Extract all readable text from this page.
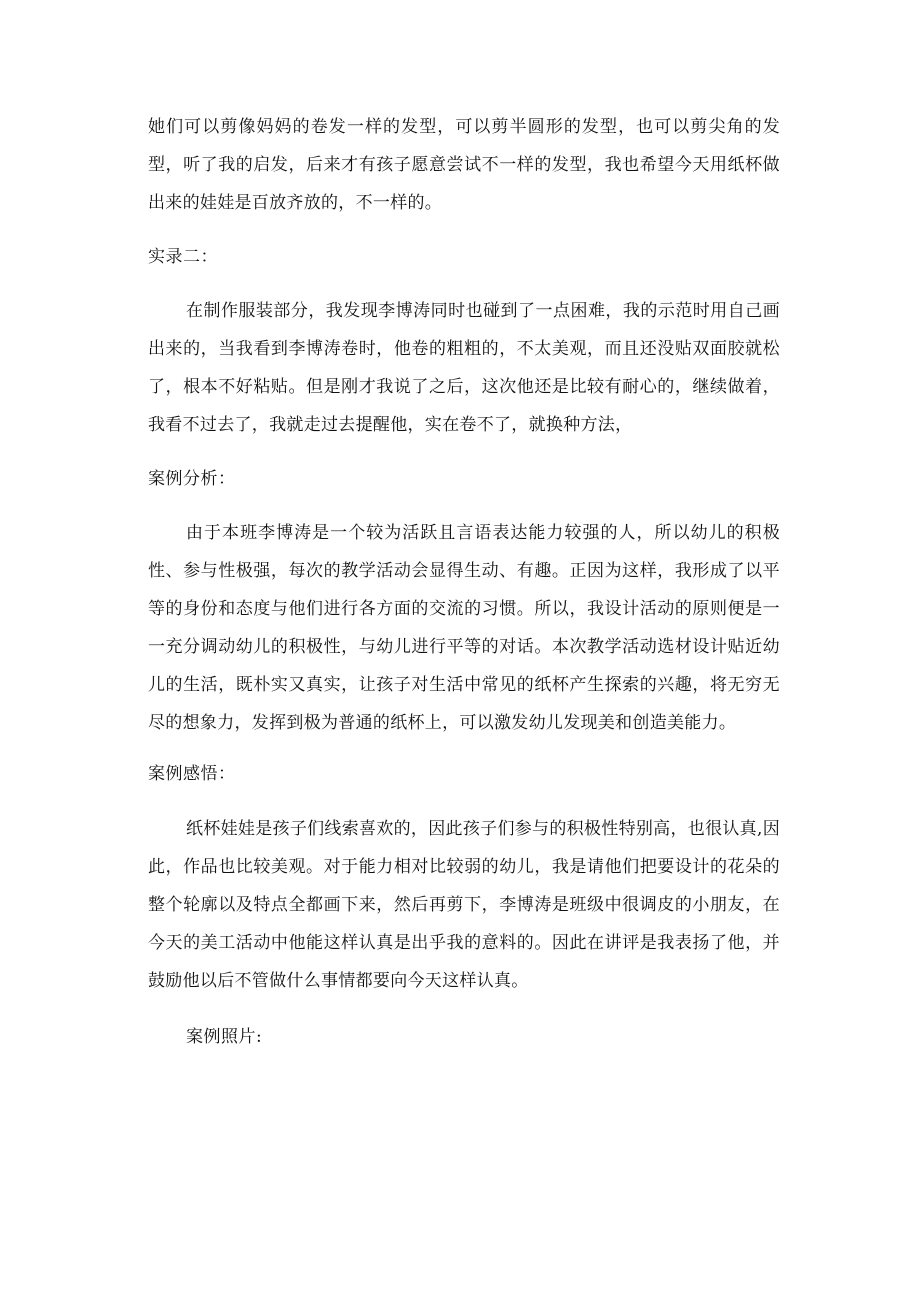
她们可以剪像妈妈的卷发一样的发型，可以剪半圆形的发型，也可以剪尖角的发型，听了我的启发，后来才有孩子愿意尝试不一样的发型，我也希望今天用纸杯做出来的娃娃是百放齐放的，不一样的。

实录二：

在制作服装部分，我发现李博涛同时也碰到了一点困难，我的示范时用自己画出来的，当我看到李博涛卷时，他卷的粗粗的，不太美观，而且还没贴双面胶就松了，根本不好粘贴。但是刚才我说了之后，这次他还是比较有耐心的，继续做着，我看不过去了，我就走过去提醒他，实在卷不了，就换种方法，

案例分析：

由于本班李博涛是一个较为活跃且言语表达能力较强的人，所以幼儿的积极性、参与性极强，每次的教学活动会显得生动、有趣。正因为这样，我形成了以平等的身份和态度与他们进行各方面的交流的习惯。所以，我设计活动的原则便是一一充分调动幼儿的积极性，与幼儿进行平等的对话。本次教学活动选材设计贴近幼儿的生活，既朴实又真实，让孩子对生活中常见的纸杯产生探索的兴趣，将无穷无尽的想象力，发挥到极为普通的纸杯上，可以激发幼儿发现美和创造美能力。

案例感悟：

纸杯娃娃是孩子们线索喜欢的，因此孩子们参与的积极性特别高，也很认真,因此，作品也比较美观。对于能力相对比较弱的幼儿，我是请他们把要设计的花朵的整个轮廓以及特点全都画下来，然后再剪下，李博涛是班级中很调皮的小朋友，在今天的美工活动中他能这样认真是出乎我的意料的。因此在讲评是我表扬了他，并鼓励他以后不管做什么事情都要向今天这样认真。

案例照片:
